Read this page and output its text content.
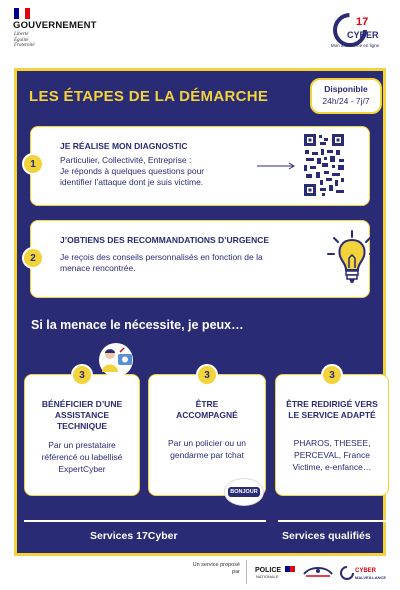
GOUVERNEMENT
Liberté
Égalité
Fraternité
17
CYBER
Mon assistance en ligne
LES ÉTAPES DE LA DÉMARCHE	Disponible
24h/24 - 7j/7
1
JE RÉALISE MON DIAGNOSTIC
Particulier, Collectivité, Entreprise :
Je réponds à quelques questions pour
identifier l’attaque dont je suis victime.
2
J’OBTIENS DES RECOMMANDATIONS D’URGENCE
Je reçois des conseils personnalisés en fonction de la
menace rencontrée.
Si la menace le nécessite, je peux…
BÉNÉFICIER D’UNE
ASSISTANCE
TECHNIQUE
Par un prestataire
référencé ou labellisé
ExpertCyber
ÊTRE
ACCOMPAGNÉ
Par un policier ou un
gendarme par tchat
ÊTRE REDIRIGÉ VERS
LE SERVICE ADAPTÉ
PHAROS, THESEE,
PERCEVAL, France
Victime, e-enfance…
3	3	3
BONJOUR
Services 17Cyber	Services qualifiés
Un service proposé
par POLICE
NATIONALE
CYBER
MALVEILLANCE
